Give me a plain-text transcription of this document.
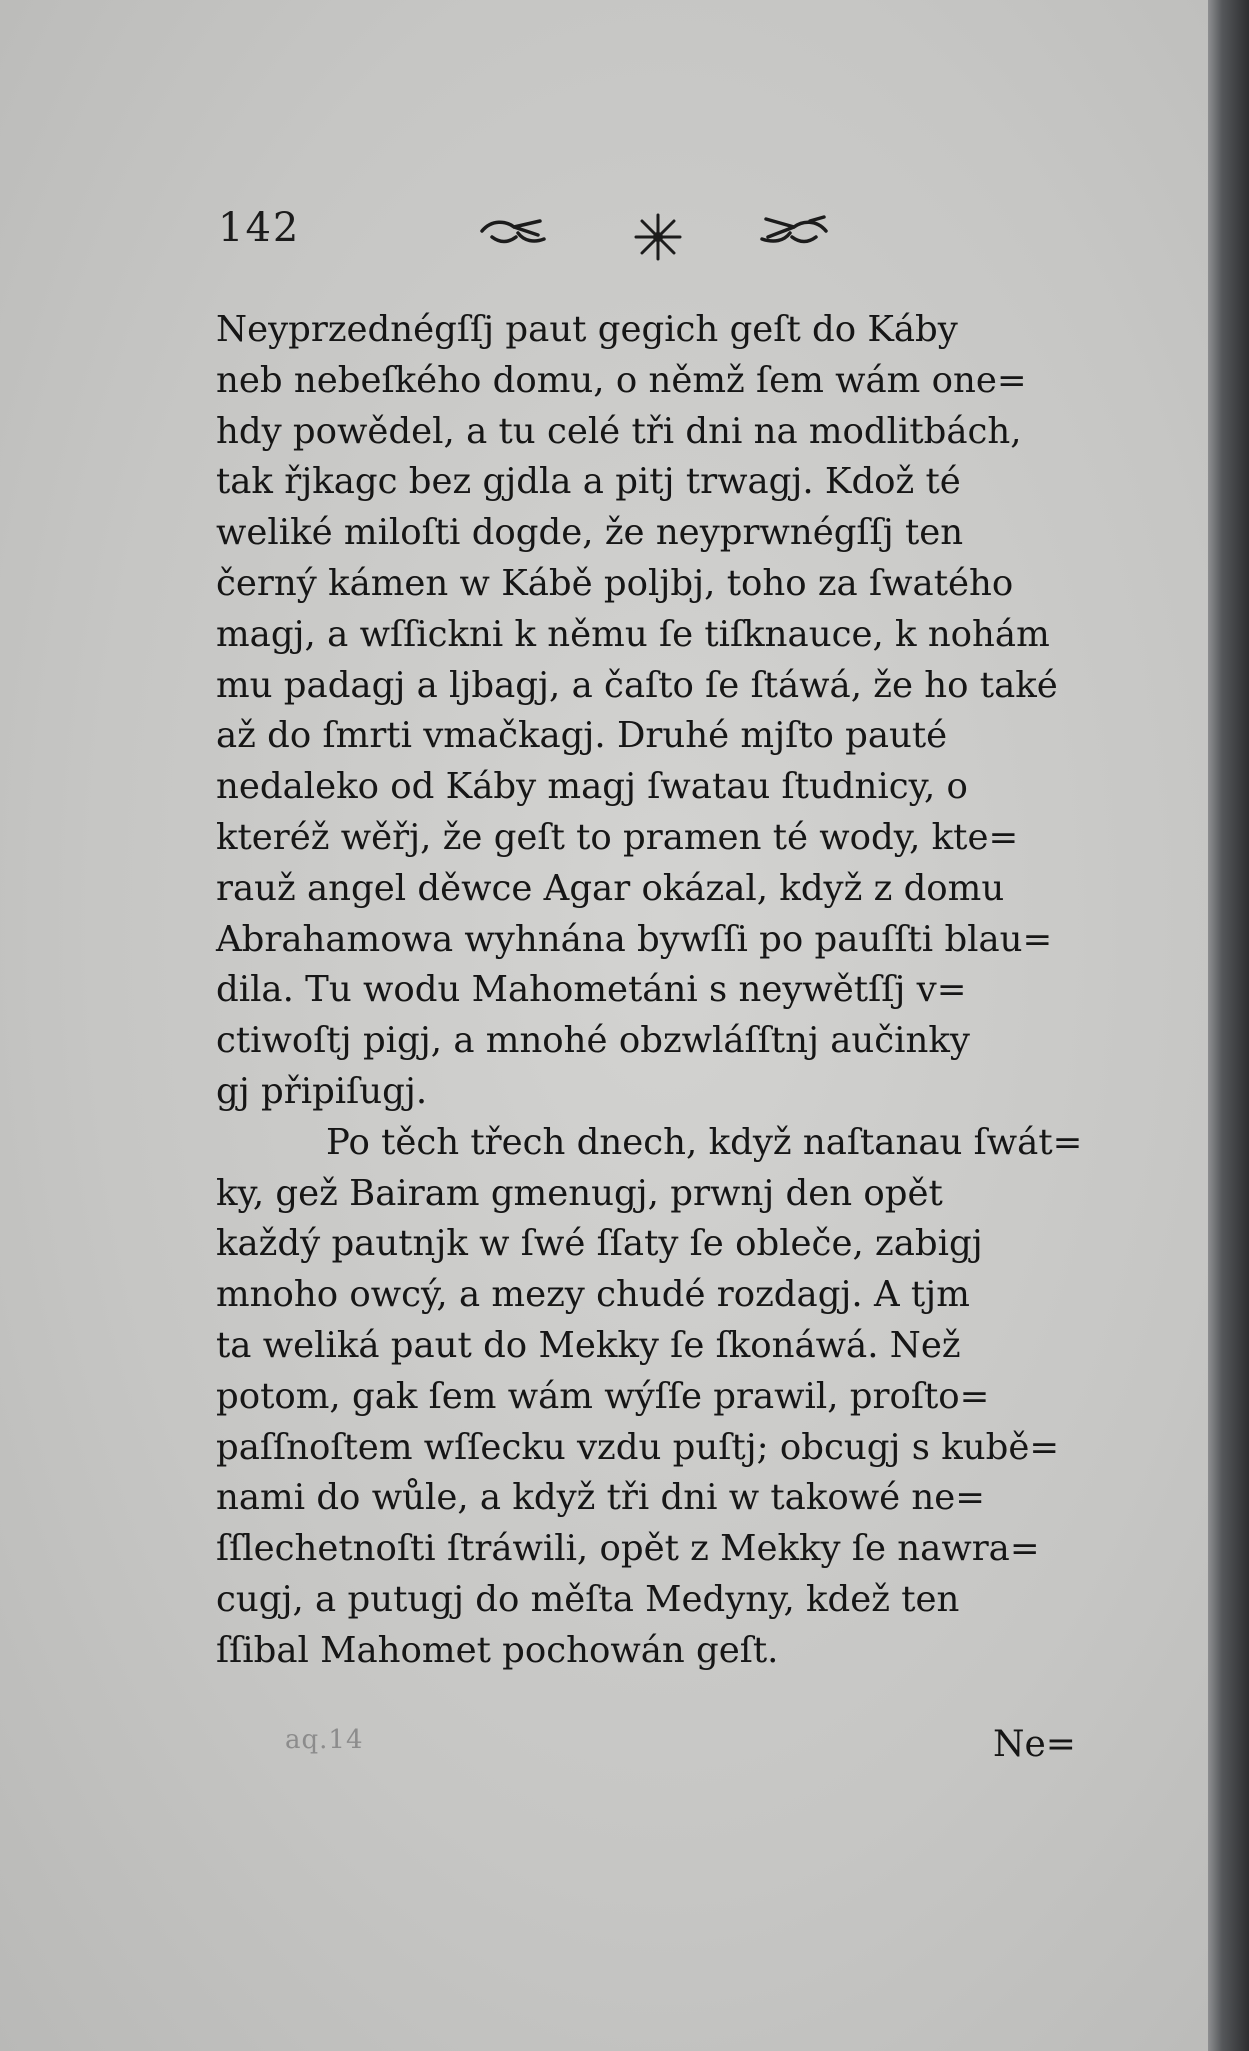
142
Neyprzednégſſj paut gegich geſt do Káby
neb nebeſkého domu, o němž ſem wám one=
hdy powědel, a tu celé tři dni na modlitbách,
tak řjkagc bez gjdla a pitj trwagj. Kdož té
weliké miloſti dogde, že neyprwnégſſj ten
černý kámen w Kábě poljbj, toho za ſwatého
magj, a wſſickni k němu ſe tiſknauce, k nohám
mu padagj a ljbagj, a čaſto ſe ſtáwá, že ho také
až do ſmrti vmačkagj. Druhé mjſto pauté
nedaleko od Káby magj ſwatau ſtudnicy, o
kteréž wěřj, že geſt to pramen té wody, kte=
rauž angel děwce Agar okázal, když z domu
Abrahamowa wyhnána bywſſi po pauſſti blau=
dila. Tu wodu Mahometáni s neywětſſj v=
ctiwoſtj pigj, a mnohé obzwláſſtnj aučinky
gj připiſugj.
Po těch třech dnech, když naſtanau ſwát=
ky, gež Bairam gmenugj, prwnj den opět
každý pautnjk w ſwé ſſaty ſe obleče, zabigj
mnoho owcý, a mezy chudé rozdagj. A tjm
ta weliká paut do Mekky ſe ſkonáwá. Než
potom, gak ſem wám wýſſe prawil, proſto=
paſſnoſtem wſſecku vzdu puſtj; obcugj s kubě=
nami do wůle, a když tři dni w takowé ne=
ſſlechetnoſti ſtráwili, opět z Mekky ſe nawra=
cugj, a putugj do měſta Medyny, kdež ten
ſſibal Mahomet pochowán geſt.
aq.14	Ne=
